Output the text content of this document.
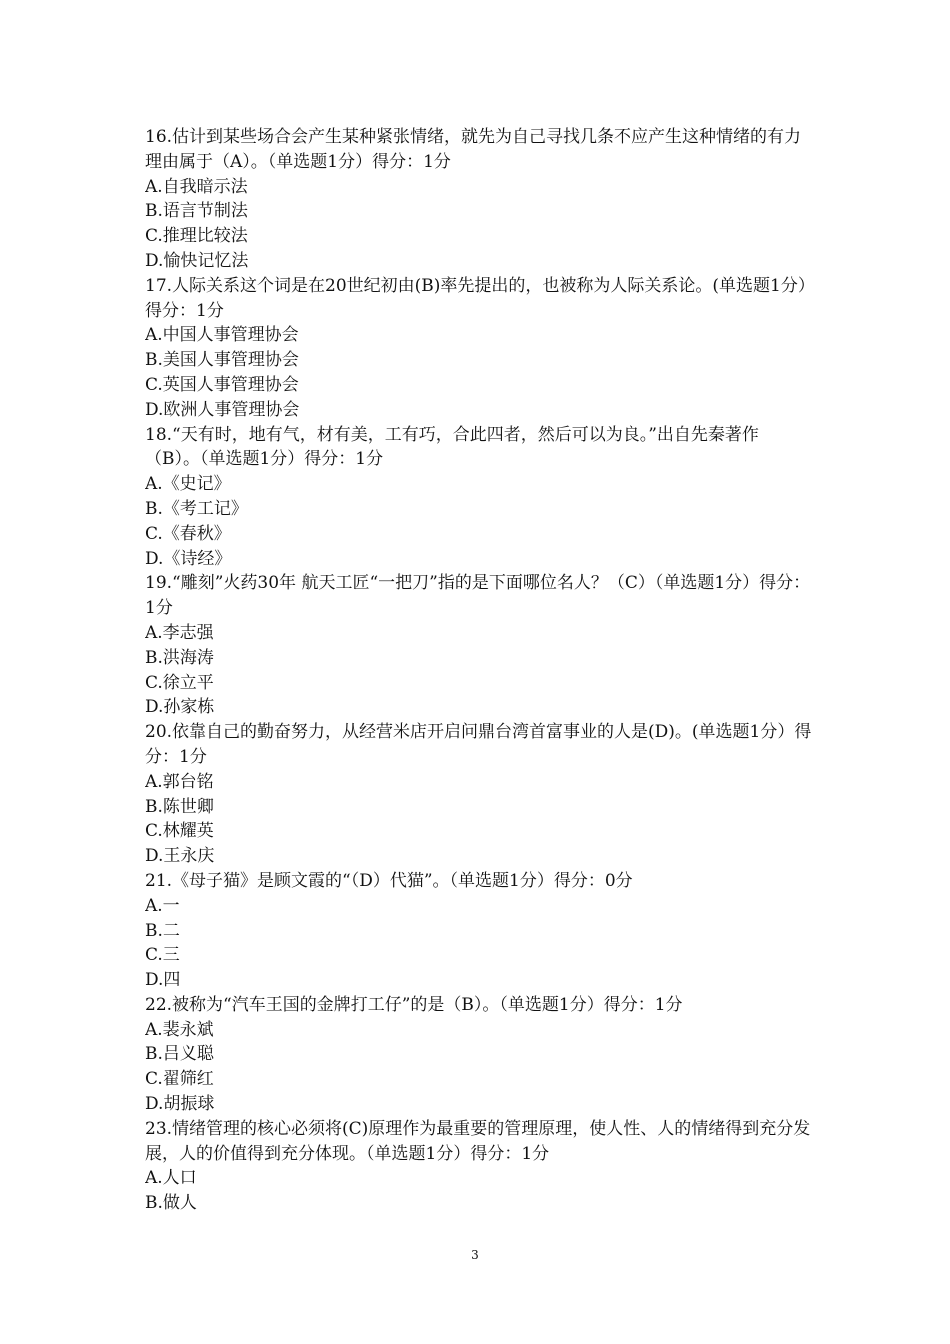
16.估计到某些场合会产生某种紧张情绪，就先为自己寻找几条不应产生这种情绪的有力理由属于（A）。（单选题1分）得分：1分
A.自我暗示法
B.语言节制法
C.推理比较法
D.愉快记忆法
17.人际关系这个词是在20世纪初由(B)率先提出的，也被称为人际关系论。(单选题1分）得分：1分
A.中国人事管理协会
B.美国人事管理协会
C.英国人事管理协会
D.欧洲人事管理协会
18.“天有时，地有气，材有美，工有巧，合此四者，然后可以为良。”出自先秦著作（B）。（单选题1分）得分：1分
A.《史记》
B.《考工记》
C.《春秋》
D.《诗经》
19.“雕刻”火药30年 航天工匠“一把刀”指的是下面哪位名人？（C）（单选题1分）得分：1分
A.李志强
B.洪海涛
C.徐立平
D.孙家栋
20.依靠自己的勤奋努力，从经营米店开启问鼎台湾首富事业的人是(D)。(单选题1分）得分：1分
A.郭台铭
B.陈世卿
C.林耀英
D.王永庆
21.《母子猫》是顾文霞的“（D）代猫”。（单选题1分）得分：0分
A.一
B.二
C.三
D.四
22.被称为“汽车王国的金牌打工仔”的是（B）。（单选题1分）得分：1分
A.裴永斌
B.吕义聪
C.翟筛红
D.胡振球
23.情绪管理的核心必须将(C)原理作为最重要的管理原理，使人性、人的情绪得到充分发展，人的价值得到充分体现。（单选题1分）得分：1分
A.人口
B.做人
3
